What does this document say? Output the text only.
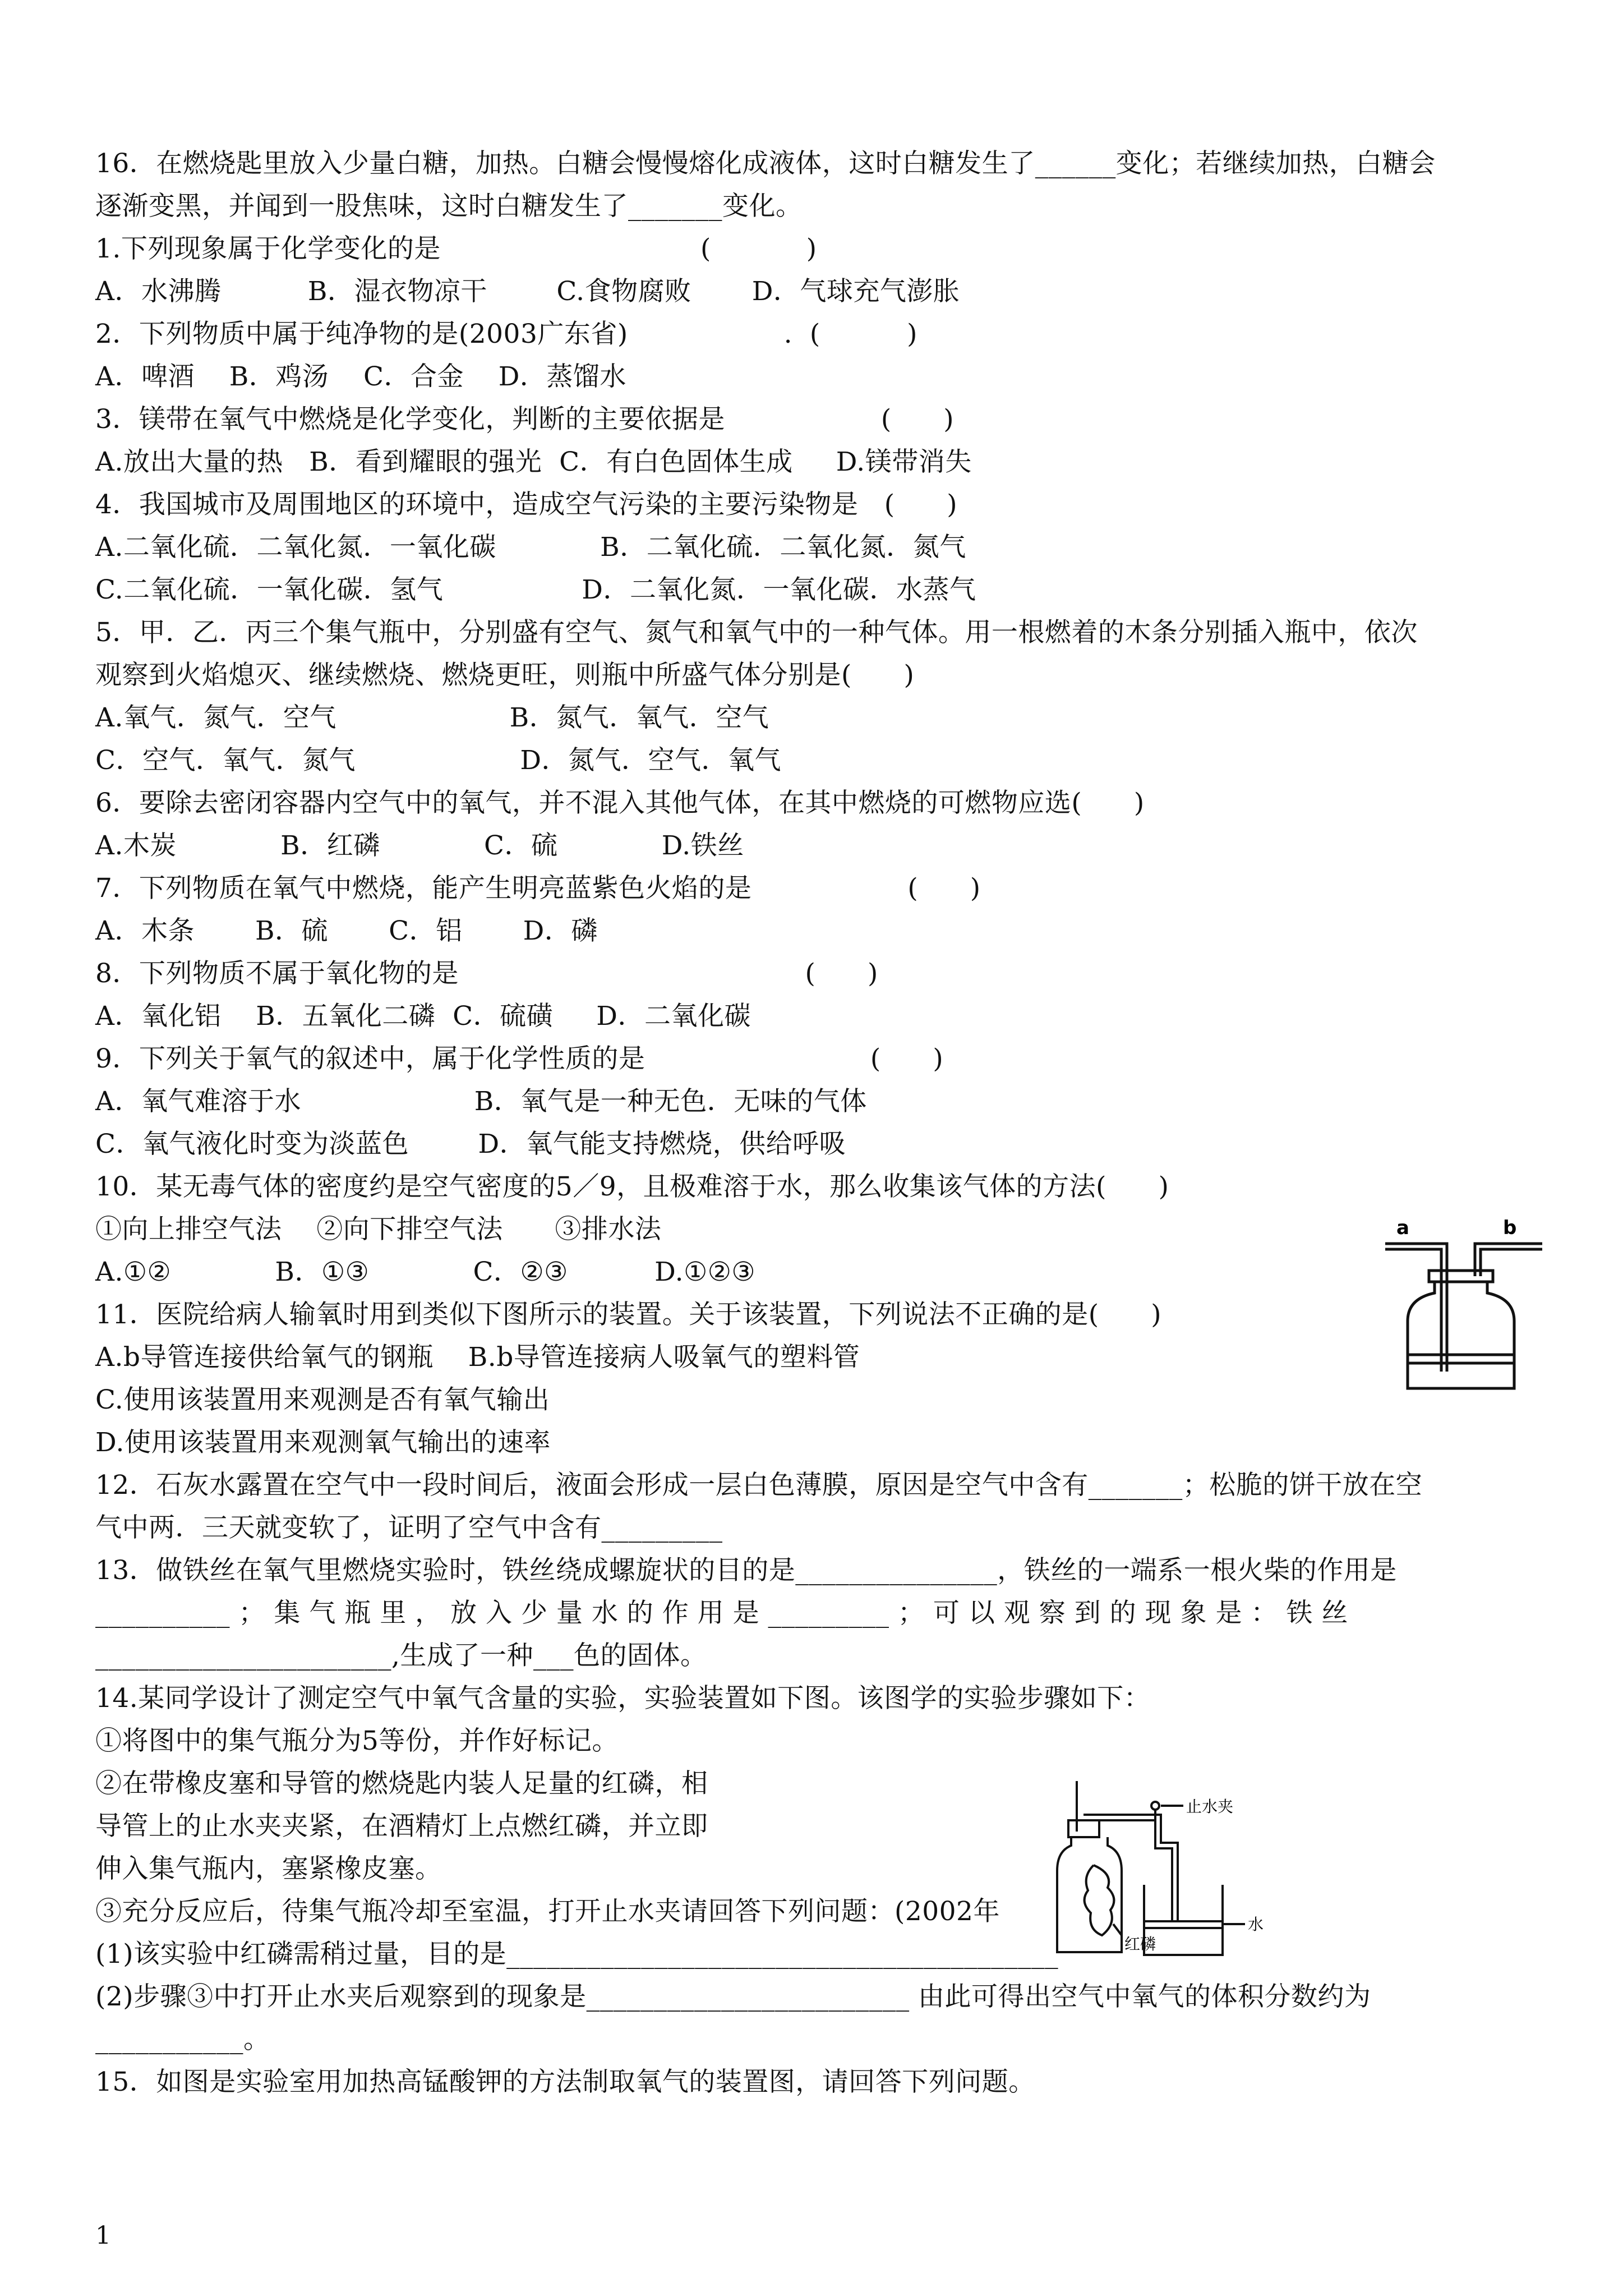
16．在燃烧匙里放入少量白糖，加热。白糖会慢慢熔化成液体，这时白糖发生了______变化；若继续加热，白糖会
逐渐变黑，并闻到一股焦味，这时白糖发生了_______变化。
1.下列现象属于化学变化的是                              (           )
A．水沸腾          B．湿衣物凉干        C.食物腐败       D．气球充气澎胀
2．下列物质中属于纯净物的是(2003广东省)                  .  (          )
A．啤酒    B．鸡汤    C．合金    D．蒸馏水
3．镁带在氧气中燃烧是化学变化，判断的主要依据是                  (      )
A.放出大量的热   B．看到耀眼的强光  C．有白色固体生成     D.镁带消失
4．我国城市及周围地区的环境中，造成空气污染的主要污染物是   (      )
A.二氧化硫．二氧化氮．一氧化碳            B．二氧化硫．二氧化氮．氮气
C.二氧化硫．一氧化碳．氢气                D．二氧化氮．一氧化碳．水蒸气
5．甲．乙．丙三个集气瓶中，分别盛有空气、氮气和氧气中的一种气体。用一根燃着的木条分别插入瓶中，依次
观察到火焰熄灭、继续燃烧、燃烧更旺，则瓶中所盛气体分别是(      )
A.氧气．氮气．空气                    B．氮气．氧气．空气
C．空气．氧气．氮气                   D．氮气．空气．氧气
6．要除去密闭容器内空气中的氧气，并不混入其他气体，在其中燃烧的可燃物应选(      )
A.木炭            B．红磷            C．硫            D.铁丝
7．下列物质在氧气中燃烧，能产生明亮蓝紫色火焰的是                  (      )
A．木条       B．硫       C．铝       D．磷
8．下列物质不属于氧化物的是                                        (      )
A．氧化铝    B．五氧化二磷  C．硫磺     D．二氧化碳
9．下列关于氧气的叙述中，属于化学性质的是                          (      )
A．氧气难溶于水                    B．氧气是一种无色．无味的气体
C．氧气液化时变为淡蓝色        D．氧气能支持燃烧，供给呼吸
10．某无毒气体的密度约是空气密度的5／9，且极难溶于水，那么收集该气体的方法(      )
①向上排空气法    ②向下排空气法      ③排水法
A.①②            B．①③            C．②③          D.①②③
11．医院给病人输氧时用到类似下图所示的装置。关于该装置，下列说法不正确的是(      )
A.b导管连接供给氧气的钢瓶    B.b导管连接病人吸氧气的塑料管
C.使用该装置用来观测是否有氧气输出
D.使用该装置用来观测氧气输出的速率
12．石灰水露置在空气中一段时间后，液面会形成一层白色薄膜，原因是空气中含有_______；松脆的饼干放在空
气中两．三天就变软了，证明了空气中含有_________
13．做铁丝在氧气里燃烧实验时，铁丝绕成螺旋状的目的是_______________，铁丝的一端系一根火柴的作用是
__________ ； 集 气 瓶 里 ， 放 入 少 量 水 的 作 用 是 _________ ； 可 以 观 察 到 的 现 象 是 ： 铁 丝
______________________,生成了一种___色的固体。
14.某同学设计了测定空气中氧气含量的实验，实验装置如下图。该图学的实验步骤如下：
①将图中的集气瓶分为5等份，并作好标记。
②在带橡皮塞和导管的燃烧匙内装人足量的红磷，相
导管上的止水夹夹紧，在酒精灯上点燃红磷，并立即
伸入集气瓶内，塞紧橡皮塞。
③充分反应后，待集气瓶冷却至室温，打开止水夹请回答下列问题：(2002年
(1)该实验中红磷需稍过量，目的是_________________________________________
(2)步骤③中打开止水夹后观察到的现象是________________________ 由此可得出空气中氧气的体积分数约为
___________。
15．如图是实验室用加热高锰酸钾的方法制取氧气的装置图，请回答下列问题。
1
a	b
止水夹
水
红磷
